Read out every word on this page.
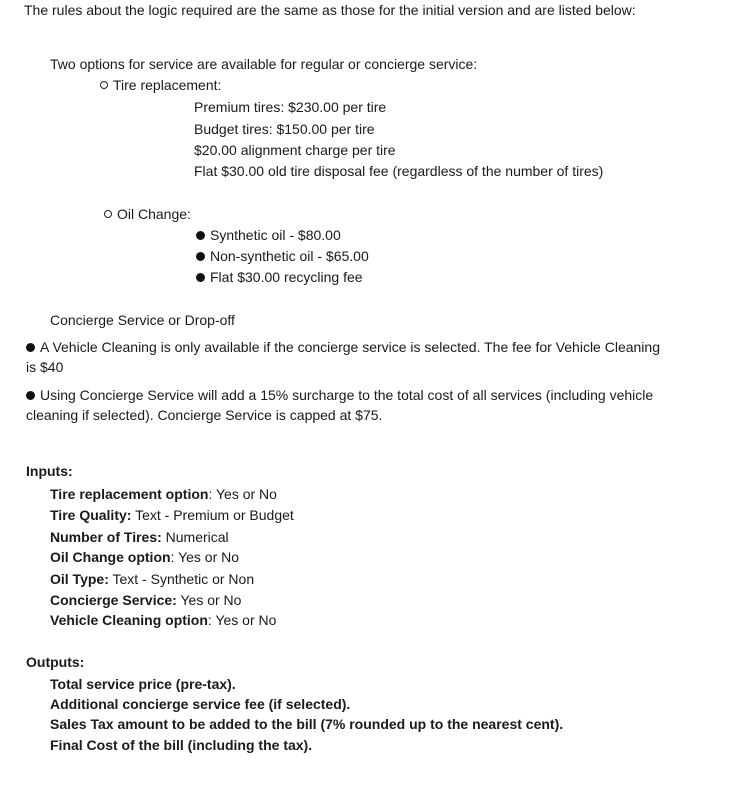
The rules about the logic required are the same as those for the initial version and are listed below:
Two options for service are available for regular or concierge service:
Tire replacement:
Premium tires: $230.00 per tire
Budget tires: $150.00 per tire
$20.00 alignment charge per tire
Flat $30.00 old tire disposal fee (regardless of the number of tires)
Oil Change:
Synthetic oil - $80.00
Non-synthetic oil - $65.00
Flat $30.00 recycling fee
Concierge Service or Drop-off
A Vehicle Cleaning is only available if the concierge service is selected. The fee for Vehicle Cleaning is $40
Using Concierge Service will add a 15% surcharge to the total cost of all services (including vehicle cleaning if selected). Concierge Service is capped at $75.
Inputs:
Tire replacement option: Yes or No
Tire Quality: Text - Premium or Budget
Number of Tires: Numerical
Oil Change option: Yes or No
Oil Type: Text - Synthetic or Non
Concierge Service: Yes or No
Vehicle Cleaning option: Yes or No
Outputs:
Total service price (pre-tax).
Additional concierge service fee (if selected).
Sales Tax amount to be added to the bill (7% rounded up to the nearest cent).
Final Cost of the bill (including the tax).
